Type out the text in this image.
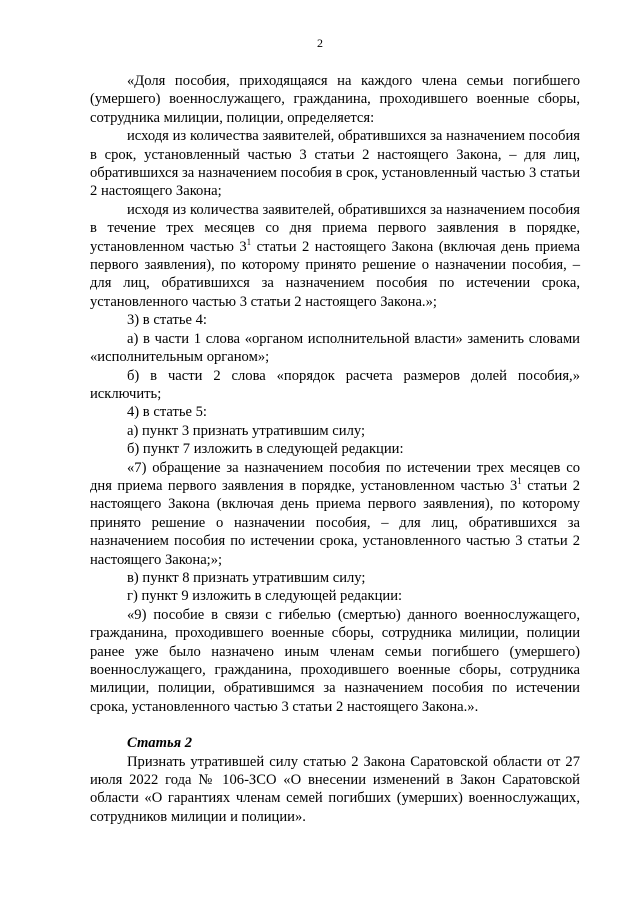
2

«Доля пособия, приходящаяся на каждого члена семьи погибшего (умершего) военнослужащего, гражданина, проходившего военные сборы, сотрудника милиции, полиции, определяется:

исходя из количества заявителей, обратившихся за назначением пособия в срок, установленный частью 3 статьи 2 настоящего Закона, – для лиц, обратившихся за назначением пособия в срок, установленный частью 3 статьи 2 настоящего Закона;

исходя из количества заявителей, обратившихся за назначением пособия в течение трех месяцев со дня приема первого заявления в порядке, установленном частью $3^1$ статьи 2 настоящего Закона (включая день приема первого заявления), по которому принято решение о назначении пособия, – для лиц, обратившихся за назначением пособия по истечении срока, установленного частью 3 статьи 2 настоящего Закона.»;

3) в статье 4:

а) в части 1 слова «органом исполнительной власти» заменить словами «исполнительным органом»;

б) в части 2 слова «порядок расчета размеров долей пособия,» исключить;

4) в статье 5:

а) пункт 3 признать утратившим силу;

б) пункт 7 изложить в следующей редакции:

«7) обращение за назначением пособия по истечении трех месяцев со дня приема первого заявления в порядке, установленном частью $3^1$ статьи 2 настоящего Закона (включая день приема первого заявления), по которому принято решение о назначении пособия, – для лиц, обратившихся за назначением пособия по истечении срока, установленного частью 3 статьи 2 настоящего Закона;»;

в) пункт 8 признать утратившим силу;

г) пункт 9 изложить в следующей редакции:

«9) пособие в связи с гибелью (смертью) данного военнослужащего, гражданина, проходившего военные сборы, сотрудника милиции, полиции ранее уже было назначено иным членам семьи погибшего (умершего) военнослужащего, гражданина, проходившего военные сборы, сотрудника милиции, полиции, обратившимся за назначением пособия по истечении срока, установленного частью 3 статьи 2 настоящего Закона.».

Статья 2

Признать утратившей силу статью 2 Закона Саратовской области от 27 июля 2022 года № 106-ЗСО «О внесении изменений в Закон Саратовской области «О гарантиях членам семей погибших (умерших) военнослужащих, сотрудников милиции и полиции».
